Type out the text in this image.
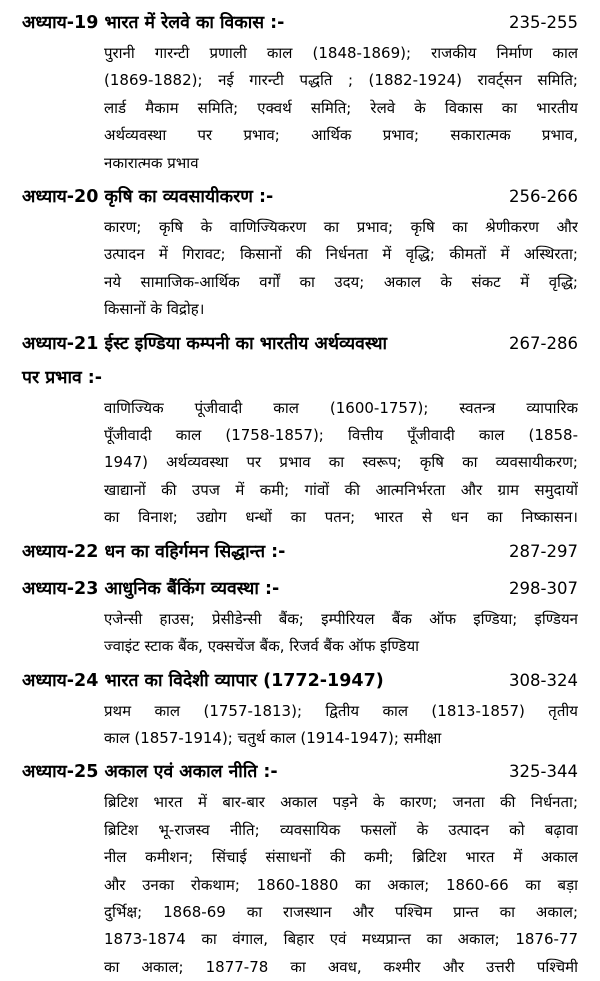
अध्याय-19 भारत में रेलवे का विकास :-	235-255
पुरानी गारन्टी प्रणाली काल (1848-1869); राजकीय निर्माण काल
(1869-1882); नई गारन्टी पद्धति ; (1882-1924) रावर्ट्सन समिति;
लार्ड मैकाम समिति; एक्वर्थ समिति; रेलवे के विकास का भारतीय
अर्थव्यवस्था पर प्रभाव; आर्थिक प्रभाव; सकारात्मक प्रभाव,
नकारात्मक प्रभाव
अध्याय-20 कृषि का व्यवसायीकरण :-	256-266
कारण; कृषि के वाणिज्यिकरण का प्रभाव; कृषि का श्रेणीकरण और
उत्पादन में गिरावट; किसानों की निर्धनता में वृद्धि; कीमतों में अस्थिरता;
नये सामाजिक-आर्थिक वर्गों का उदय; अकाल के संकट में वृद्धि;
किसानों के विद्रोह।
अध्याय-21 ईस्ट इण्डिया कम्पनी का भारतीय अर्थव्यवस्था
पर प्रभाव :-
267-286
वाणिज्यिक पूंजीवादी काल (1600-1757); स्वतन्त्र व्यापारिक
पूँजीवादी काल (1758-1857); वित्तीय पूँजीवादी काल (1858-
1947) अर्थव्यवस्था पर प्रभाव का स्वरूप; कृषि का व्यवसायीकरण;
खाद्यानों की उपज में कमी; गांवों की आत्मनिर्भरता और ग्राम समुदायों
का विनाश; उद्योग धन्धों का पतन; भारत से धन का निष्कासन।
अध्याय-22 धन का वहिर्गमन सिद्धान्त :-	287-297
अध्याय-23 आधुनिक बैंकिंग व्यवस्था :-	298-307
एजेन्सी हाउस; प्रेसीडेन्सी बैंक; इम्पीरियल बैंक ऑफ इण्डिया; इण्डियन
ज्वाइंट स्टाक बैंक, एक्सचेंज बैंक, रिजर्व बैंक ऑफ इण्डिया
अध्याय-24 भारत का विदेशी व्यापार (1772-1947)	308-324
प्रथम काल (1757-1813); द्वितीय काल (1813-1857) तृतीय
काल (1857-1914); चतुर्थ काल (1914-1947); समीक्षा
अध्याय-25 अकाल एवं अकाल नीति :-	325-344
ब्रिटिश भारत में बार-बार अकाल पड़ने के कारण; जनता की निर्धनता;
ब्रिटिश भू-राजस्व नीति; व्यवसायिक फसलों के उत्पादन को बढ़ावा
नील कमीशन; सिंचाई संसाधनों की कमी; ब्रिटिश भारत में अकाल
और उनका रोकथाम; 1860-1880 का अकाल; 1860-66 का बड़ा
दुर्भिक्ष; 1868-69 का राजस्थान और पश्चिम प्रान्त का अकाल;
1873-1874 का वंगाल, बिहार एवं मध्यप्रान्त का अकाल; 1876-77
का अकाल; 1877-78 का अवध, कश्मीर और उत्तरी पश्चिमी
